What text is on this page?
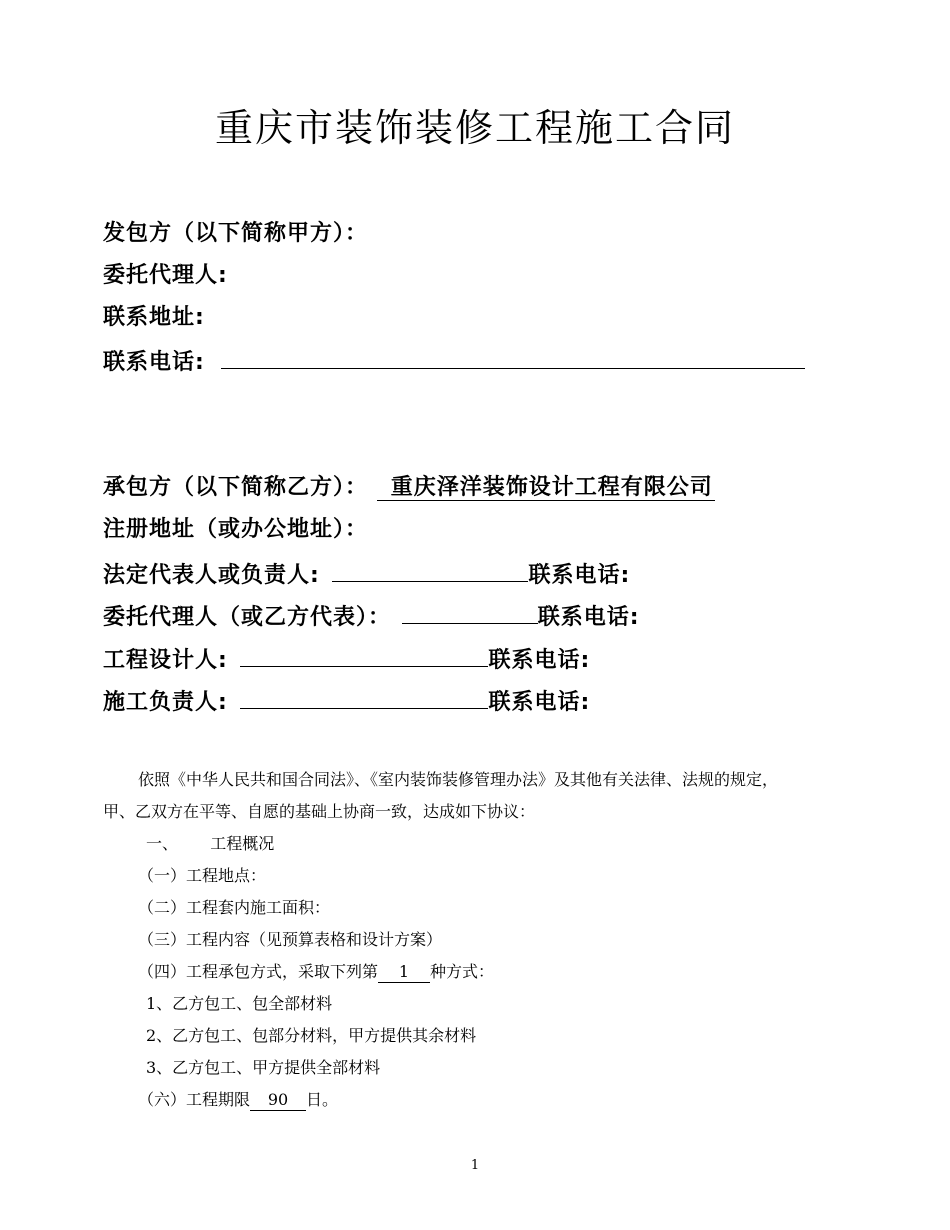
重庆市装饰装修工程施工合同
发包方（以下简称甲方）：
委托代理人:
联系地址:
联系电话:
承包方（以下简称乙方）： 重庆泽洋装饰设计工程有限公司
注册地址（或办公地址）：
法定代表人或负责人:	联系电话:
委托代理人（或乙方代表）：	联系电话:
工程设计人:	联系电话:
施工负责人:	联系电话:
依照《中华人民共和国合同法》、《室内装饰装修管理办法》及其他有关法律、法规的规定，
甲、乙双方在平等、自愿的基础上协商一致，达成如下协议：
一、 工程概况
（一）工程地点：
（二）工程套内施工面积：
（三）工程内容（见预算表格和设计方案）
（四）工程承包方式，采取下列第 1 种方式：
1、乙方包工、包全部材料
2、乙方包工、包部分材料，甲方提供其余材料
3、乙方包工、甲方提供全部材料
（六）工程期限 90 日。
1
